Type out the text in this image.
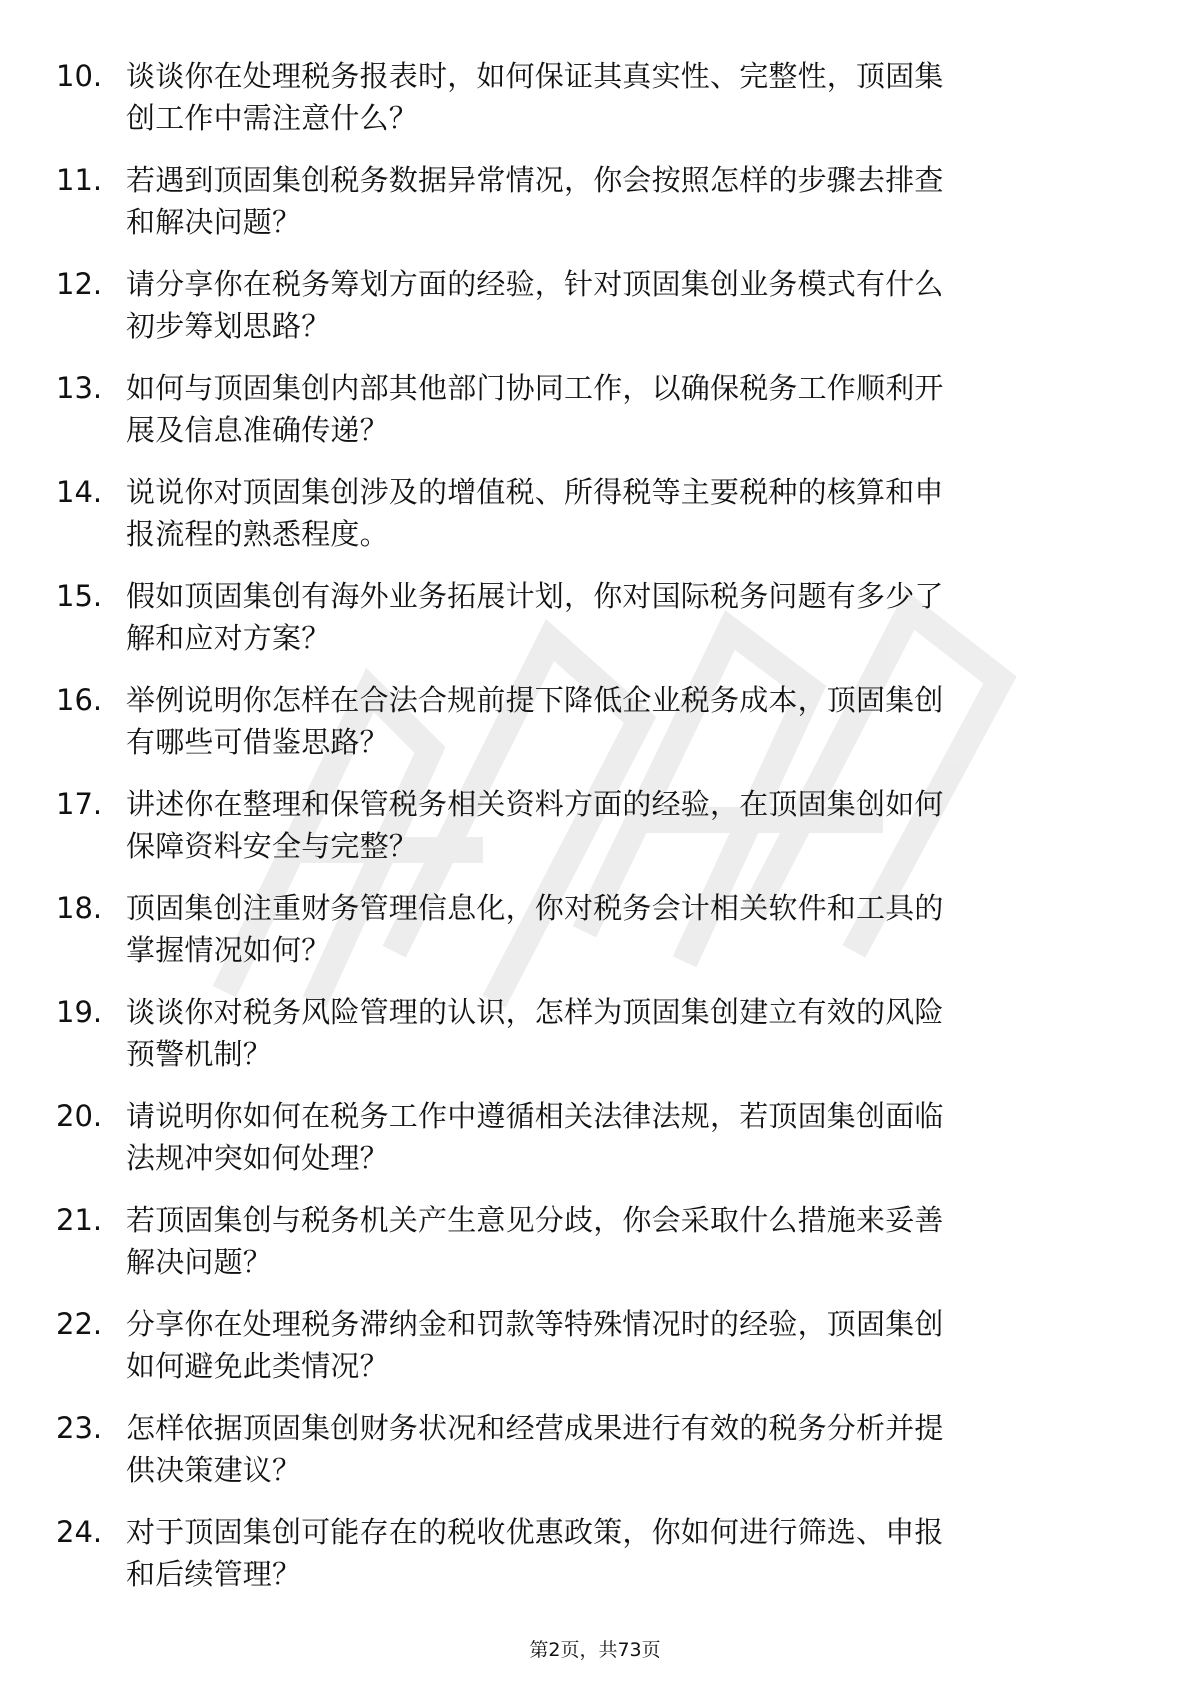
10. 谈谈你在处理税务报表时，如何保证其真实性、完整性，顶固集
创工作中需注意什么？
11. 若遇到顶固集创税务数据异常情况，你会按照怎样的步骤去排查
和解决问题？
12. 请分享你在税务筹划方面的经验，针对顶固集创业务模式有什么
初步筹划思路？
13. 如何与顶固集创内部其他部门协同工作，以确保税务工作顺利开
展及信息准确传递？
14. 说说你对顶固集创涉及的增值税、所得税等主要税种的核算和申
报流程的熟悉程度。
15. 假如顶固集创有海外业务拓展计划，你对国际税务问题有多少了
解和应对方案？
16. 举例说明你怎样在合法合规前提下降低企业税务成本，顶固集创
有哪些可借鉴思路？
17. 讲述你在整理和保管税务相关资料方面的经验，在顶固集创如何
保障资料安全与完整？
18. 顶固集创注重财务管理信息化，你对税务会计相关软件和工具的
掌握情况如何？
19. 谈谈你对税务风险管理的认识，怎样为顶固集创建立有效的风险
预警机制？
20. 请说明你如何在税务工作中遵循相关法律法规，若顶固集创面临
法规冲突如何处理？
21. 若顶固集创与税务机关产生意见分歧，你会采取什么措施来妥善
解决问题？
22. 分享你在处理税务滞纳金和罚款等特殊情况时的经验，顶固集创
如何避免此类情况？
23. 怎样依据顶固集创财务状况和经营成果进行有效的税务分析并提
供决策建议？
24. 对于顶固集创可能存在的税收优惠政策，你如何进行筛选、申报
和后续管理？
第2页，共73页
